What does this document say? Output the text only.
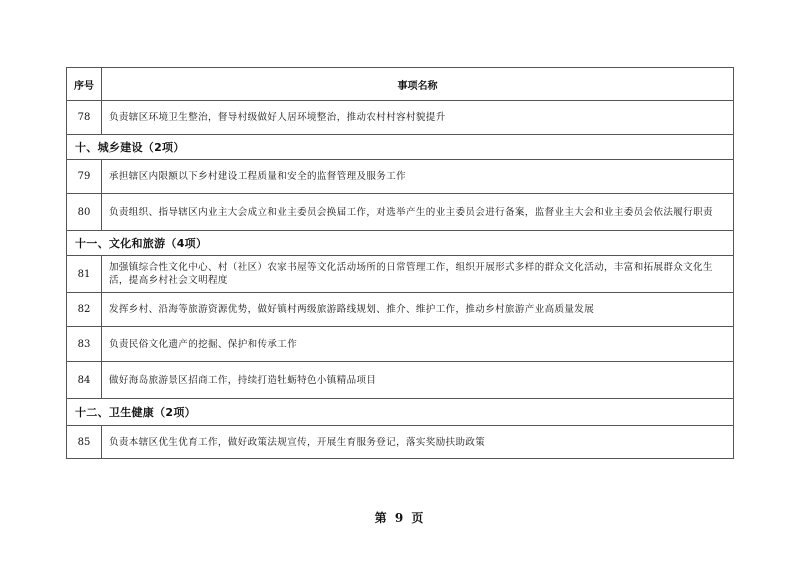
序号	事项名称
78	负责辖区环境卫生整治，督导村级做好人居环境整治，推动农村村容村貌提升
十、城乡建设（2项）	
79	承担辖区内限额以下乡村建设工程质量和安全的监督管理及服务工作
80	负责组织、指导辖区内业主大会成立和业主委员会换届工作，对选举产生的业主委员会进行备案，监督业主大会和业主委员会依法履行职责
十一、文化和旅游（4项）	
81	加强镇综合性文化中心、村（社区）农家书屋等文化活动场所的日常管理工作，组织开展形式多样的群众文化活动，丰富和拓展群众文化生活，提高乡村社会文明程度
82	发挥乡村、沿海等旅游资源优势，做好镇村两级旅游路线规划、推介、维护工作，推动乡村旅游产业高质量发展
83	负责民俗文化遗产的挖掘、保护和传承工作
84	做好海岛旅游景区招商工作，持续打造牡蛎特色小镇精品项目
十二、卫生健康（2项）	
85	负责本辖区优生优育工作，做好政策法规宣传，开展生育服务登记，落实奖励扶助政策
第 9 页
